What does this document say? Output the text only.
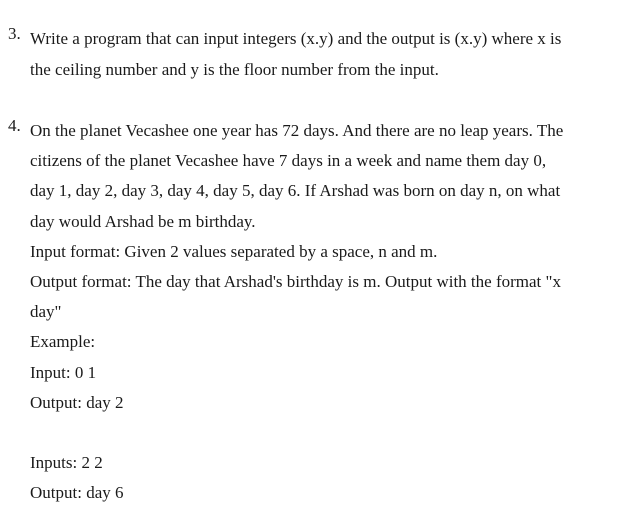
3. Write a program that can input integers (x.y) and the output is (x.y) where x is
the ceiling number and y is the floor number from the input.
4. On the planet Vecashee one year has 72 days. And there are no leap years. The
citizens of the planet Vecashee have 7 days in a week and name them day 0,
day 1, day 2, day 3, day 4, day 5, day 6. If Arshad was born on day n, on what
day would Arshad be m birthday.
Input format: Given 2 values separated by a space, n and m.
Output format: The day that Arshad's birthday is m. Output with the format "x
day"
Example:
Input: 0 1
Output: day 2
Inputs: 2 2
Output: day 6
